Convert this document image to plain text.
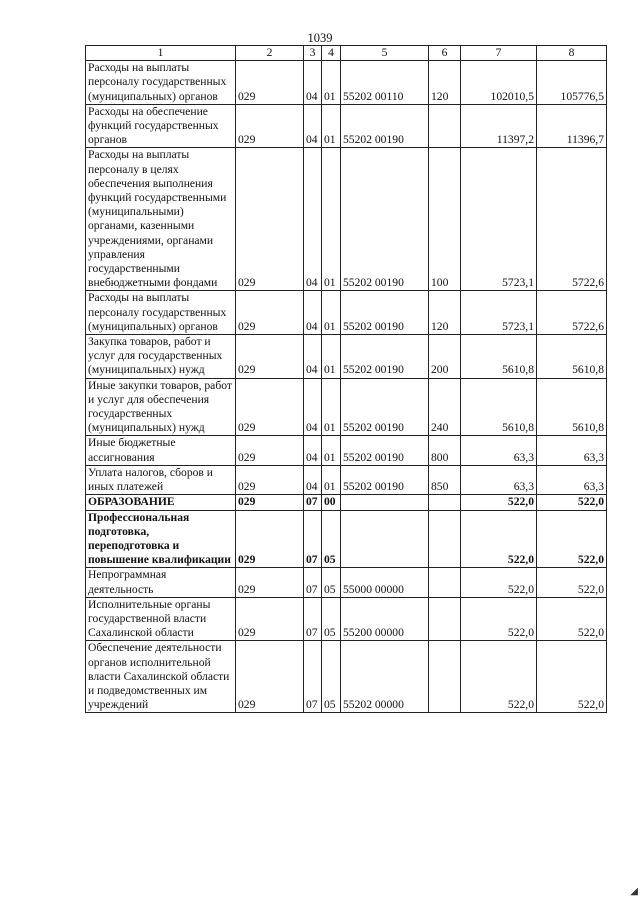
1039
1	2	3	4	5	6	7	8
Расходы на выплаты персоналу государственных (муниципальных) органов	029	04	01	55202 00110	120	102010,5	105776,5
Расходы на обеспечение функций государственных органов	029	04	01	55202 00190		11397,2	11396,7
Расходы на выплаты персоналу в целях обеспечения выполнения функций государственными (муниципальными) органами, казенными учреждениями, органами управления государственными внебюджетными фондами	029	04	01	55202 00190	100	5723,1	5722,6
Расходы на выплаты персоналу государственных (муниципальных) органов	029	04	01	55202 00190	120	5723,1	5722,6
Закупка товаров, работ и услуг для государственных (муниципальных) нужд	029	04	01	55202 00190	200	5610,8	5610,8
Иные закупки товаров, работ и услуг для обеспечения государственных (муниципальных) нужд	029	04	01	55202 00190	240	5610,8	5610,8
Иные бюджетные ассигнования	029	04	01	55202 00190	800	63,3	63,3
Уплата налогов, сборов и иных платежей	029	04	01	55202 00190	850	63,3	63,3
ОБРАЗОВАНИЕ	029	07	00			522,0	522,0
Профессиональная подготовка, переподготовка и повышение квалификации	029	07	05			522,0	522,0
Непрограммная деятельность	029	07	05	55000 00000		522,0	522,0
Исполнительные органы государственной власти Сахалинской области	029	07	05	55200 00000		522,0	522,0
Обеспечение деятельности органов исполнительной власти Сахалинской области и подведомственных им учреждений	029	07	05	55202 00000		522,0	522,0
◢
